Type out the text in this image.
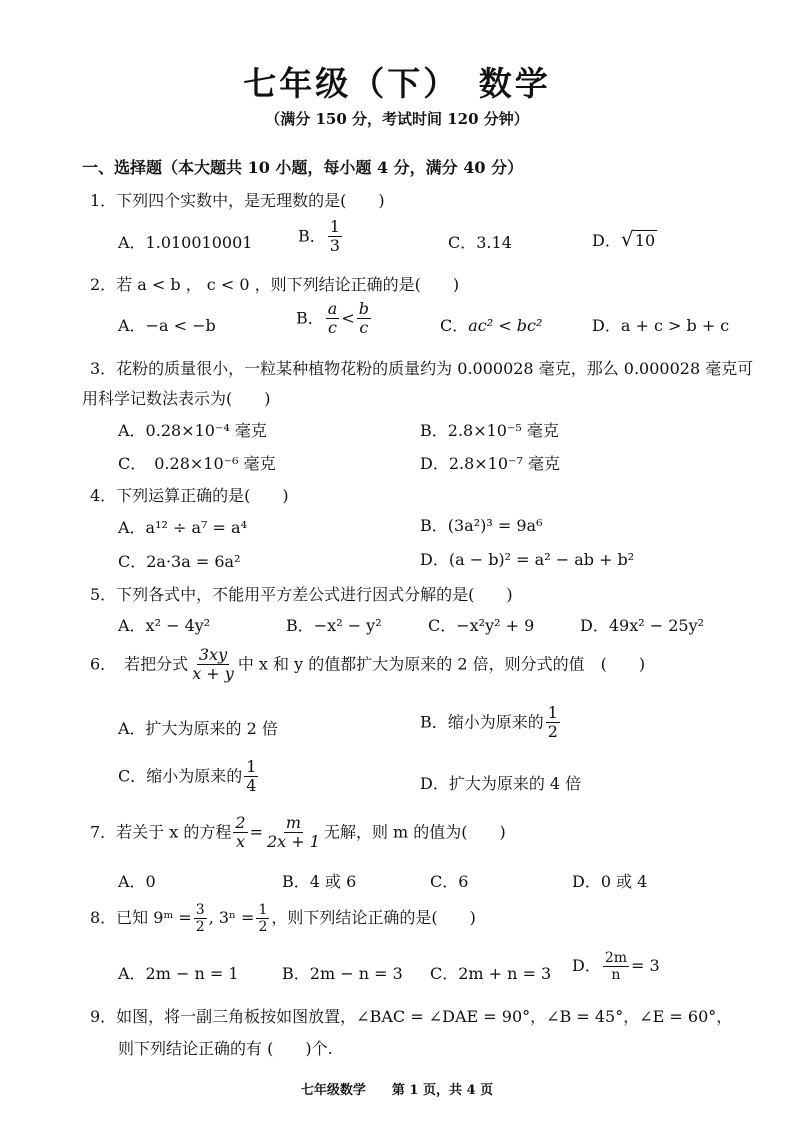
七年级（下）　数学
（满分 150 分，考试时间 120 分钟）
一、选择题（本大题共 10 小题，每小题 4 分，满分 40 分）
1．下列四个实数中，是无理数的是(　　)
A．1.010010001	B． $\frac{1}{3}$	C．3.14	D． √ 10
2．若 a < b ， c < 0 ，则下列结论正确的是(　　)
A．−a < −b	B． $\frac{a}{c} < \frac{b}{c}$	C．ac² < bc²	D．a + c > b + c
3．花粉的质量很小，一粒某种植物花粉的质量约为 0.000028 毫克，那么 0.000028 毫克可
用科学记数法表示为(　　)
A．0.28×10⁻⁴ 毫克	B．2.8×10⁻⁵ 毫克
C．　0.28×10⁻⁶ 毫克	D．2.8×10⁻⁷ 毫克
4．下列运算正确的是(　　)
A．a¹² ÷ a⁷ = a⁴	B．(3a²)³ = 9a⁶
C．2a·3a = 6a²	D．(a − b)² = a² − ab + b²
5．下列各式中，不能用平方差公式进行因式分解的是(　　)
A．x² − 4y²	B．−x² − y²	C．−x²y² + 9	D．49x² − 25y²
6．　若把分式 $\frac{3xy}{x + y}$ 中 x 和 y 的值都扩大为原来的 2 倍，则分式的值　(　　)
A．扩大为原来的 2 倍	B．缩小为原来的 $\frac{1}{2}$
C．缩小为原来的 $\frac{1}{4}$	D．扩大为原来的 4 倍
7．若关于 x 的方程 $\frac{2}{x} = \frac{m}{2x + 1}$ 无解，则 m 的值为(　　)
A．0	B．4 或 6	C．6	D．0 或 4
8．已知 9ᵐ = $\frac{3}{2}$ , $3^n = \frac{1}{2}$ ，则下列结论正确的是(　　)
A．2m − n = 1	B．2m − n = 3 C．2m + n = 3 D． $\frac{2m}{n} = 3$
9．如图，将一副三角板按如图放置，∠BAC = ∠DAE = 90°，∠B = 45°，∠E = 60°，
则下列结论正确的有 (　　)个.
七年级数学　　第 1 页，共 4 页
